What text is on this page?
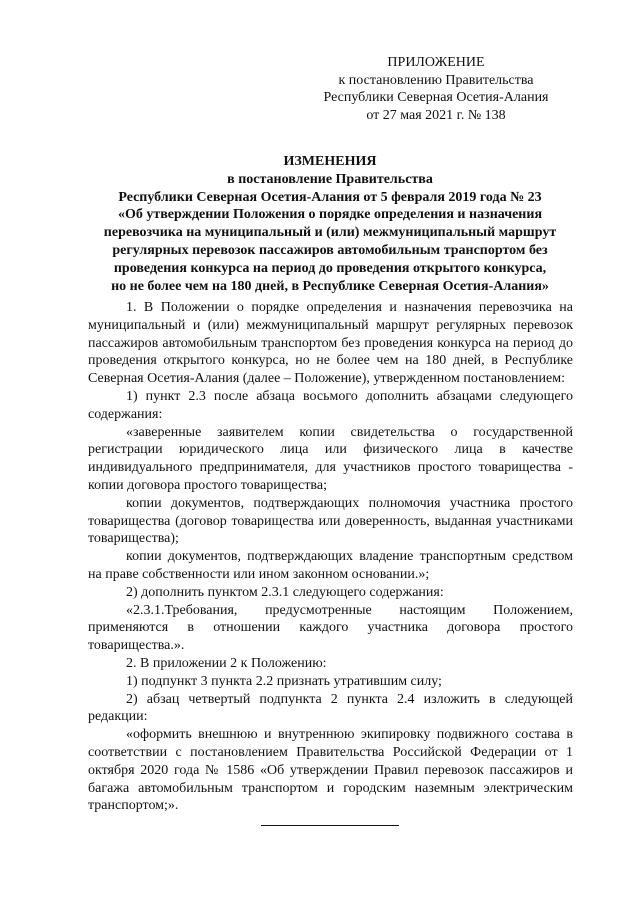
ПРИЛОЖЕНИЕ
к постановлению Правительства
Республики Северная Осетия-Алания
от 27 мая 2021 г. № 138
ИЗМЕНЕНИЯ
в постановление Правительства
Республики Северная Осетия-Алания от 5 февраля 2019 года № 23
«Об утверждении Положения о порядке определения и назначения
перевозчика на муниципальный и (или) межмуниципальный маршрут
регулярных перевозок пассажиров автомобильным транспортом без
проведения конкурса на период до проведения открытого конкурса,
но не более чем на 180 дней, в Республике Северная Осетия-Алания»

1. В Положении о порядке определения и назначения перевозчика на муниципальный и (или) межмуниципальный маршрут регулярных перевозок пассажиров автомобильным транспортом без проведения конкурса на период до проведения открытого конкурса, но не более чем на 180 дней, в Республике Северная Осетия-Алания (далее – Положение), утвержденном постановлением:

1) пункт 2.3 после абзаца восьмого дополнить абзацами следующего содержания:

«заверенные заявителем копии свидетельства о государственной регистрации юридического лица или физического лица в качестве индивидуального предпринимателя, для участников простого товарищества - копии договора простого товарищества;

копии документов, подтверждающих полномочия участника простого товарищества (договор товарищества или доверенность, выданная участниками товарищества);

копии документов, подтверждающих владение транспортным средством на праве собственности или ином законном основании.»;

2) дополнить пунктом 2.3.1 следующего содержания:

«2.3.1.Требования, предусмотренные настоящим Положением, применяются в отношении каждого участника договора простого товарищества.».

2. В приложении 2 к Положению:

1) подпункт 3 пункта 2.2 признать утратившим силу;

2) абзац четвертый подпункта 2 пункта 2.4 изложить в следующей редакции:

«оформить внешнюю и внутреннюю экипировку подвижного состава в соответствии с постановлением Правительства Российской Федерации от 1 октября 2020 года № 1586 «Об утверждении Правил перевозок пассажиров и багажа автомобильным транспортом и городским наземным электрическим транспортом;».
